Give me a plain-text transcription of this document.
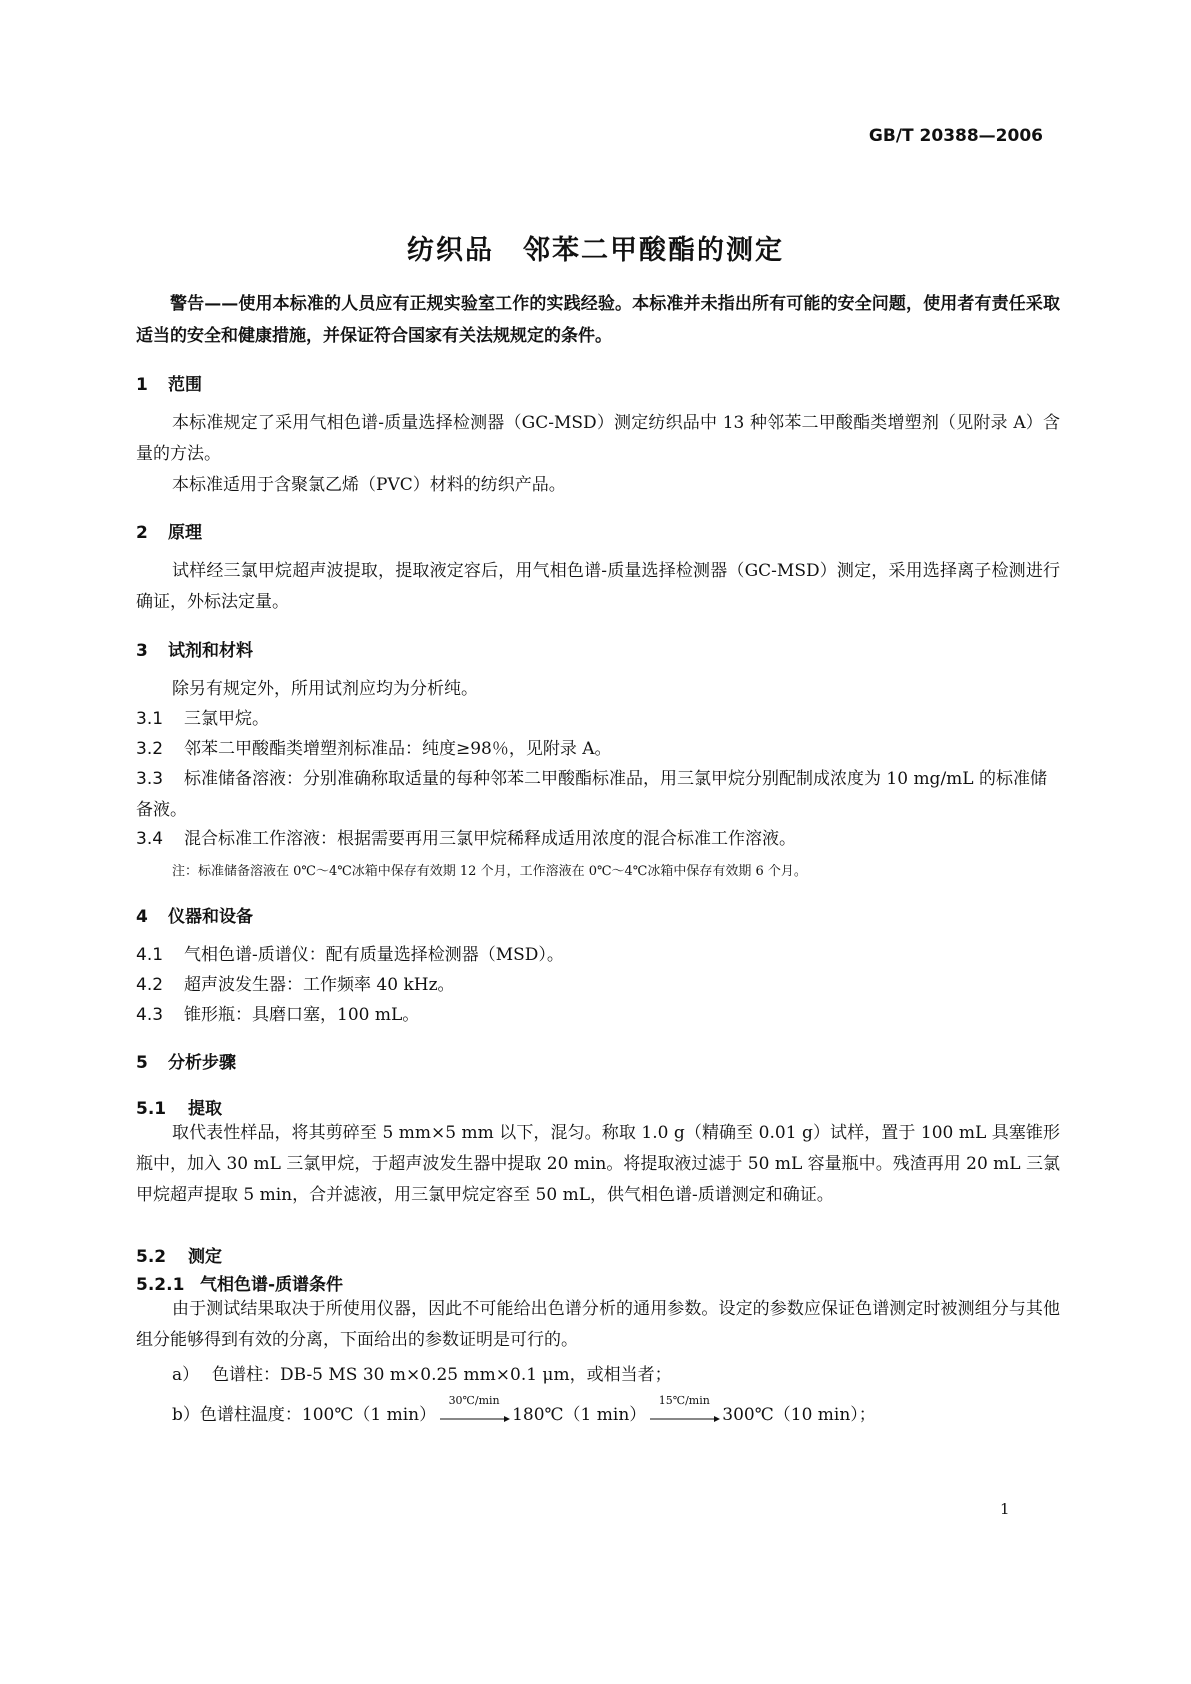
GB/T 20388—2006
纺织品　邻苯二甲酸酯的测定
警告——使用本标准的人员应有正规实验室工作的实践经验。本标准并未指出所有可能的安全问题，使用者有责任采取适当的安全和健康措施，并保证符合国家有关法规规定的条件。
1 范围
本标准规定了采用气相色谱-质量选择检测器（GC-MSD）测定纺织品中 13 种邻苯二甲酸酯类增塑剂（见附录 A）含量的方法。
本标准适用于含聚氯乙烯（PVC）材料的纺织产品。
2 原理
试样经三氯甲烷超声波提取，提取液定容后，用气相色谱-质量选择检测器（GC-MSD）测定，采用选择离子检测进行确证，外标法定量。
3 试剂和材料
除另有规定外，所用试剂应均为分析纯。
3.1 三氯甲烷。
3.2 邻苯二甲酸酯类增塑剂标准品：纯度≥98％，见附录 A。
3.3 标准储备溶液：分别准确称取适量的每种邻苯二甲酸酯标准品，用三氯甲烷分别配制成浓度为 10 mg/mL 的标准储备液。
3.4 混合标准工作溶液：根据需要再用三氯甲烷稀释成适用浓度的混合标准工作溶液。
注：标准储备溶液在 0℃～4℃冰箱中保存有效期 12 个月，工作溶液在 0℃～4℃冰箱中保存有效期 6 个月。
4 仪器和设备
4.1 气相色谱-质谱仪：配有质量选择检测器（MSD）。
4.2 超声波发生器：工作频率 40 kHz。
4.3 锥形瓶：具磨口塞，100 mL。
5 分析步骤
5.1 提取
取代表性样品，将其剪碎至 5 mm×5 mm 以下，混匀。称取 1.0 g（精确至 0.01 g）试样，置于 100 mL 具塞锥形瓶中，加入 30 mL 三氯甲烷，于超声波发生器中提取 20 min。将提取液过滤于 50 mL 容量瓶中。残渣再用 20 mL 三氯甲烷超声提取 5 min，合并滤液，用三氯甲烷定容至 50 mL，供气相色谱-质谱测定和确证。
5.2 测定
5.2.1 气相色谱-质谱条件
由于测试结果取决于所使用仪器，因此不可能给出色谱分析的通用参数。设定的参数应保证色谱测定时被测组分与其他组分能够得到有效的分离，下面给出的参数证明是可行的。
a） 色谱柱：DB-5 MS 30 m×0.25 mm×0.1 μm，或相当者；
b）色谱柱温度：100℃（1 min）
30℃/min
180℃（1 min）
15℃/min
300℃（10 min）；
1
